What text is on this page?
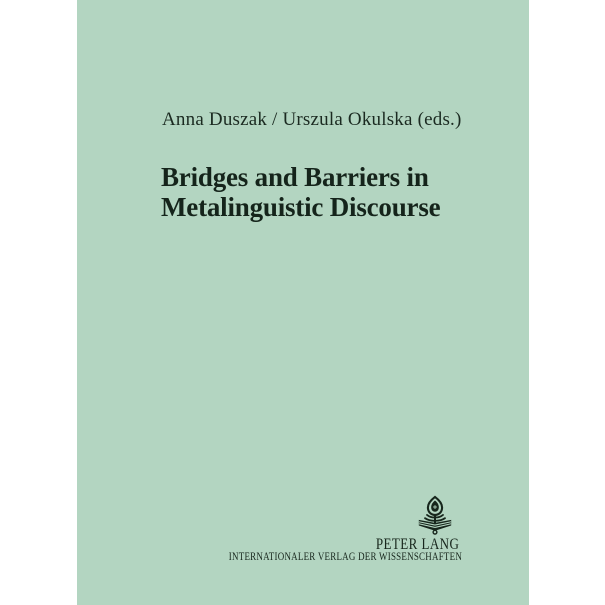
Anna Duszak / Urszula Okulska (eds.)
Bridges and Barriers in
Metalinguistic Discourse
PETER LANG
INTERNATIONALER VERLAG DER WISSENSCHAFTEN
